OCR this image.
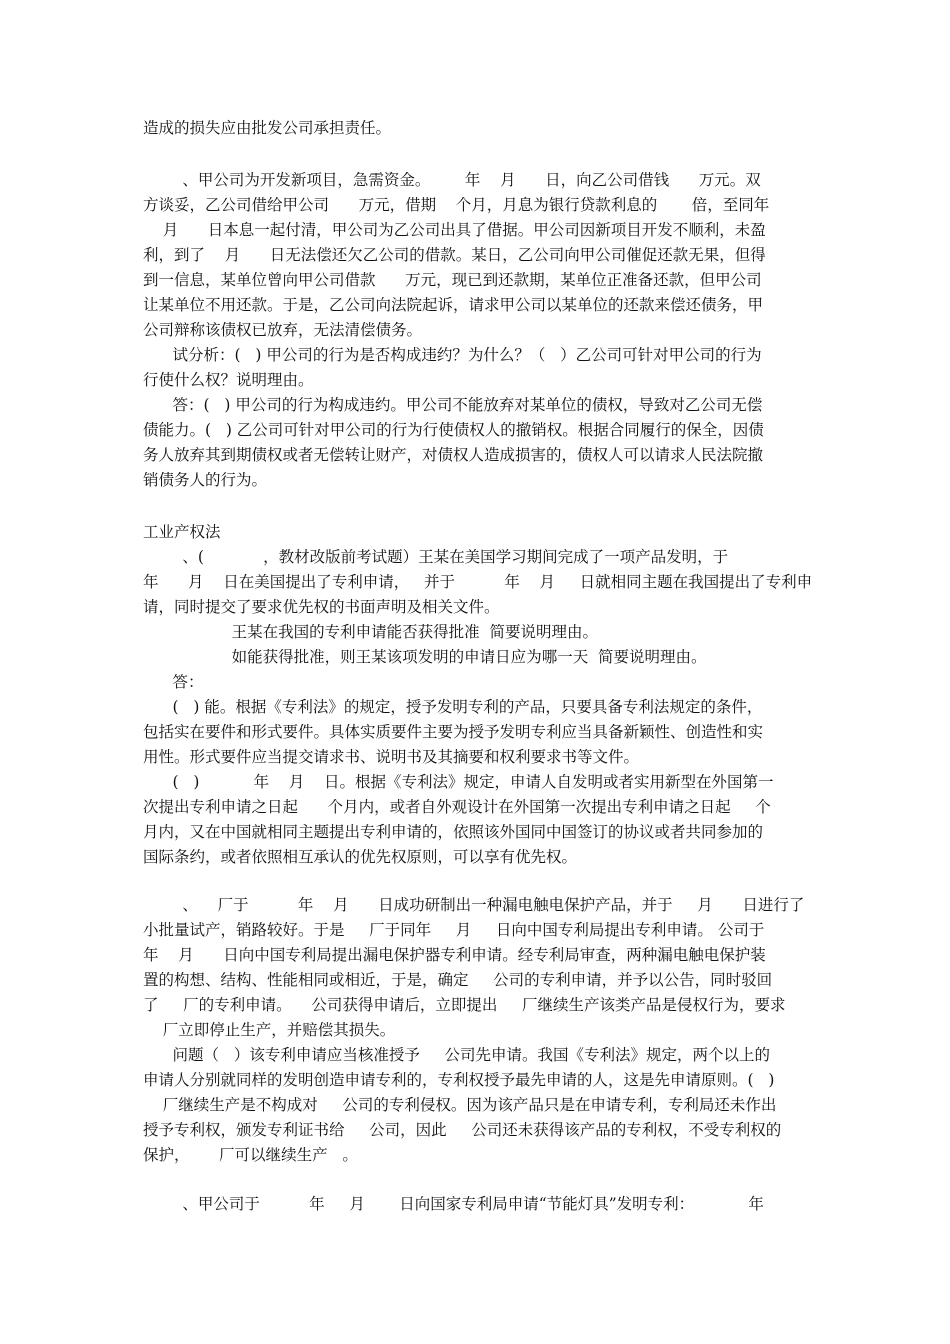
造成的损失应由批发公司承担责任。
、甲公司为开发新项目，急需资金。       年    月      日，向乙公司借钱      万元。双
方谈妥，乙公司借给甲公司      万元，借期    个月，月息为银行贷款利息的       倍，至同年
月      日本息一起付清，甲公司为乙公司出具了借据。甲公司因新项目开发不顺利，未盈
利，到了    月      日无法偿还欠乙公司的借款。某日，乙公司向甲公司催促还款无果，但得
到一信息，某单位曾向甲公司借款      万元，现已到还款期，某单位正准备还款，但甲公司
让某单位不用还款。于是，乙公司向法院起诉，请求甲公司以某单位的还款来偿还债务，甲
公司辩称该债权已放弃，无法清偿债务。
试分析：(   ) 甲公司的行为是否构成违约？为什么？（   ）乙公司可针对甲公司的行为
行使什么权？说明理由。
答：(   ) 甲公司的行为构成违约。甲公司不能放弃对某单位的债权，导致对乙公司无偿
债能力。(   ) 乙公司可针对甲公司的行为行使债权人的撤销权。根据合同履行的保全，因债
务人放弃其到期债权或者无偿转让财产，对债权人造成损害的，债权人可以请求人民法院撤
销债务人的行为。
工业产权法
、(            ，教材改版前考试题）王某在美国学习期间完成了一项产品发明，于
年      月    日在美国提出了专利申请，   并于          年    月     日就相同主题在我国提出了专利申
请，同时提交了要求优先权的书面声明及相关文件。
王某在我国的专利申请能否获得批准  简要说明理由。
如能获得批准，则王某该项发明的申请日应为哪一天  简要说明理由。
答：
(   ) 能。根据《专利法》的规定，授予发明专利的产品，只要具备专利法规定的条件，
包括实在要件和形式要件。具体实质要件主要为授予发明专利应当具备新颖性、创造性和实
用性。形式要件应当提交请求书、说明书及其摘要和权利要求书等文件。
(   )           年    月    日。根据《专利法》规定，申请人自发明或者实用新型在外国第一
次提出专利申请之日起      个月内，或者自外观设计在外国第一次提出专利申请之日起     个
月内，又在中国就相同主题提出专利申请的，依照该外国同中国签订的协议或者共同参加的
国际条约，或者依照相互承认的优先权原则，可以享有优先权。
、    厂于          年    月      日成功研制出一种漏电触电保护产品，并于     月      日进行了
小批量试产，销路较好。于是     厂于同年     月     日向中国专利局提出专利申请。 公司于
年    月      日向中国专利局提出漏电保护器专利申请。经专利局审查，两种漏电触电保护装
置的构想、结构、性能相同或相近，于是，确定     公司的专利申请，并予以公告，同时驳回
了     厂的专利申请。    公司获得申请后，立即提出     厂继续生产该类产品是侵权行为，要求
厂立即停止生产，并赔偿其损失。
问题（   ）该专利申请应当核准授予     公司先申请。我国《专利法》规定，两个以上的
申请人分别就同样的发明创造申请专利的，专利权授予最先申请的人，这是先申请原则。(   )
厂继续生产是不构成对     公司的专利侵权。因为该产品只是在申请专利，专利局还未作出
授予专利权，颁发专利证书给     公司，因此     公司还未获得该产品的专利权，不受专利权的
保护，      厂可以继续生产   。
、甲公司于          年     月       日向国家专利局申请“节能灯具”发明专利：           年
